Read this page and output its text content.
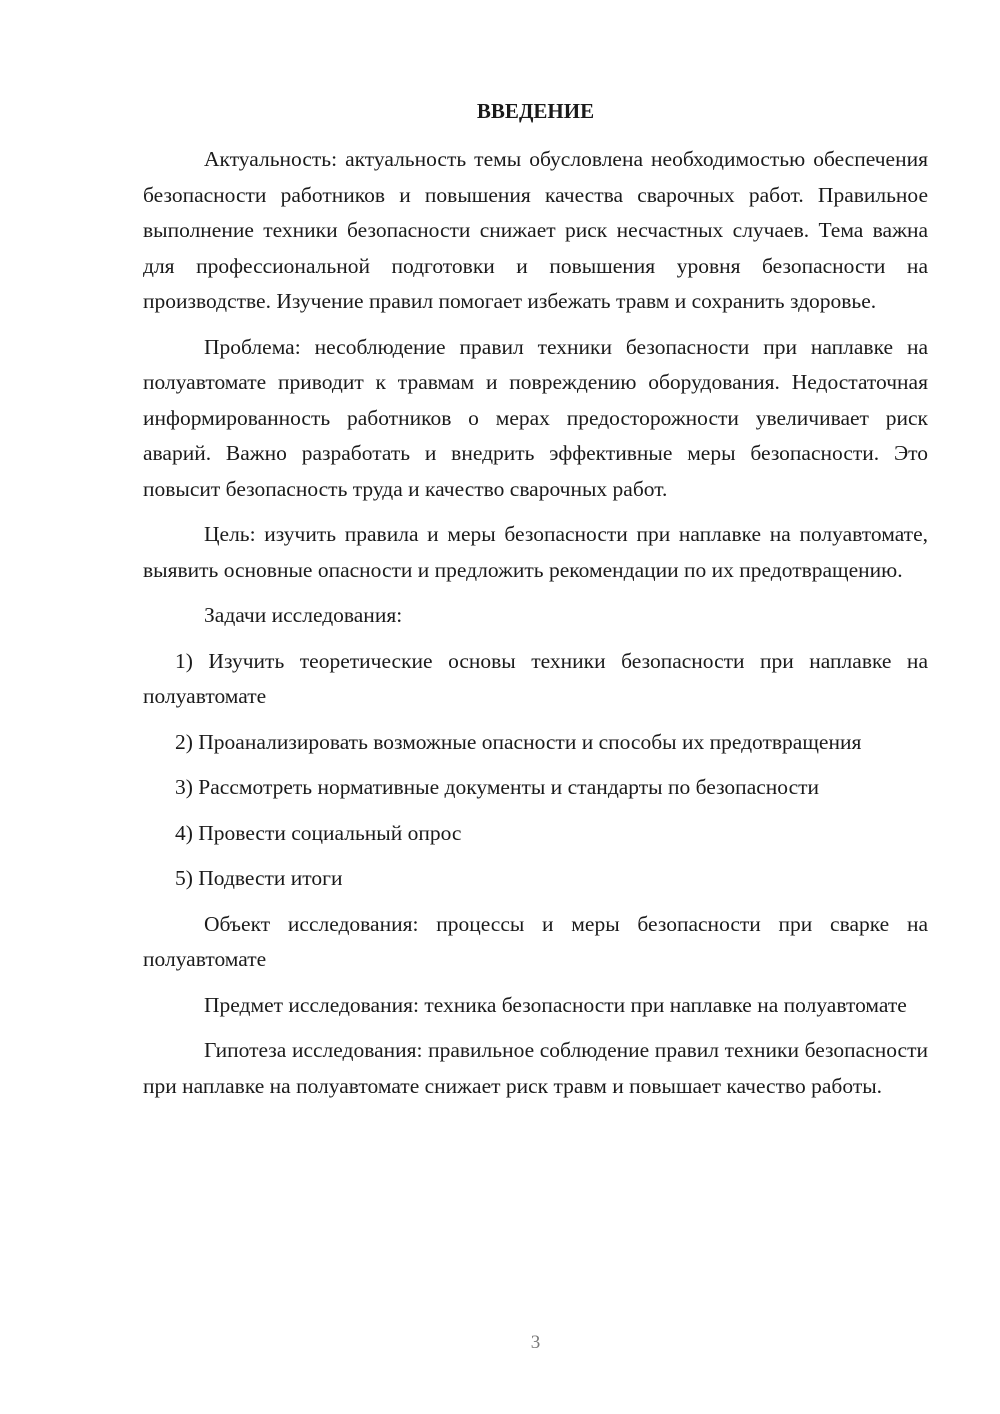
ВВЕДЕНИЕ

Актуальность: актуальность темы обусловлена необходимостью обеспечения безопасности работников и повышения качества сварочных работ. Правильное выполнение техники безопасности снижает риск несчастных случаев. Тема важна для профессиональной подготовки и повышения уровня безопасности на производстве. Изучение правил помогает избежать травм и сохранить здоровье.

Проблема: несоблюдение правил техники безопасности при наплавке на полуавтомате приводит к травмам и повреждению оборудования. Недостаточная информированность работников о мерах предосторожности увеличивает риск аварий. Важно разработать и внедрить эффективные меры безопасности. Это повысит безопасность труда и качество сварочных работ.

Цель: изучить правила и меры безопасности при наплавке на полуавтомате, выявить основные опасности и предложить рекомендации по их предотвращению.

Задачи исследования:

1) Изучить теоретические основы техники безопасности при наплавке на полуавтомате

2) Проанализировать возможные опасности и способы их предотвращения

3) Рассмотреть нормативные документы и стандарты по безопасности

4) Провести социальный опрос

5) Подвести итоги

Объект исследования: процессы и меры безопасности при сварке на полуавтомате

Предмет исследования: техника безопасности при наплавке на полуавтомате

Гипотеза исследования: правильное соблюдение правил техники безопасности при наплавке на полуавтомате снижает риск травм и повышает качество работы.

3
